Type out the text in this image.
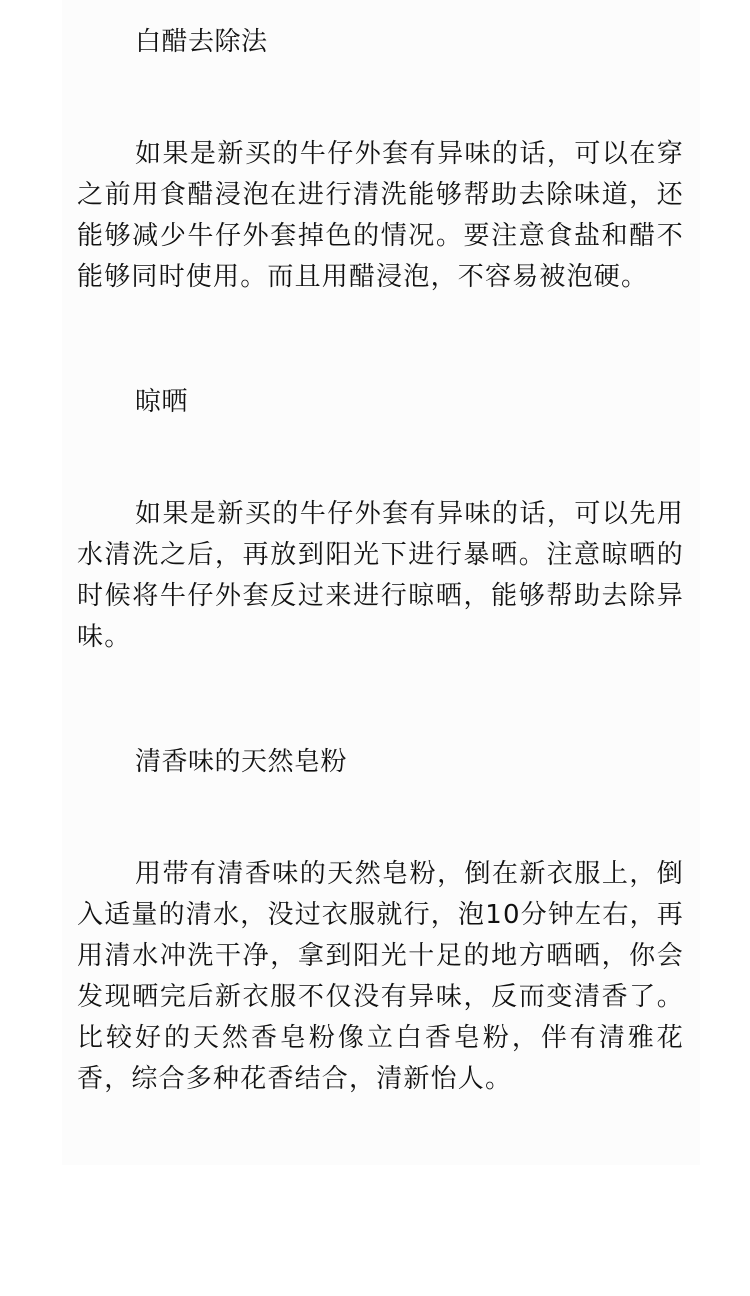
白醋去除法

如果是新买的牛仔外套有异味的话，可以在穿之前用食醋浸泡在进行清洗能够帮助去除味道，还能够减少牛仔外套掉色的情况。要注意食盐和醋不能够同时使用。而且用醋浸泡，不容易被泡硬。

晾晒

如果是新买的牛仔外套有异味的话，可以先用水清洗之后，再放到阳光下进行暴晒。注意晾晒的时候将牛仔外套反过来进行晾晒，能够帮助去除异味。

清香味的天然皂粉

用带有清香味的天然皂粉，倒在新衣服上，倒入适量的清水，没过衣服就行，泡10分钟左右，再用清水冲洗干净，拿到阳光十足的地方晒晒，你会发现晒完后新衣服不仅没有异味，反而变清香了。比较好的天然香皂粉像立白香皂粉，伴有清雅花香，综合多种花香结合，清新怡人。
